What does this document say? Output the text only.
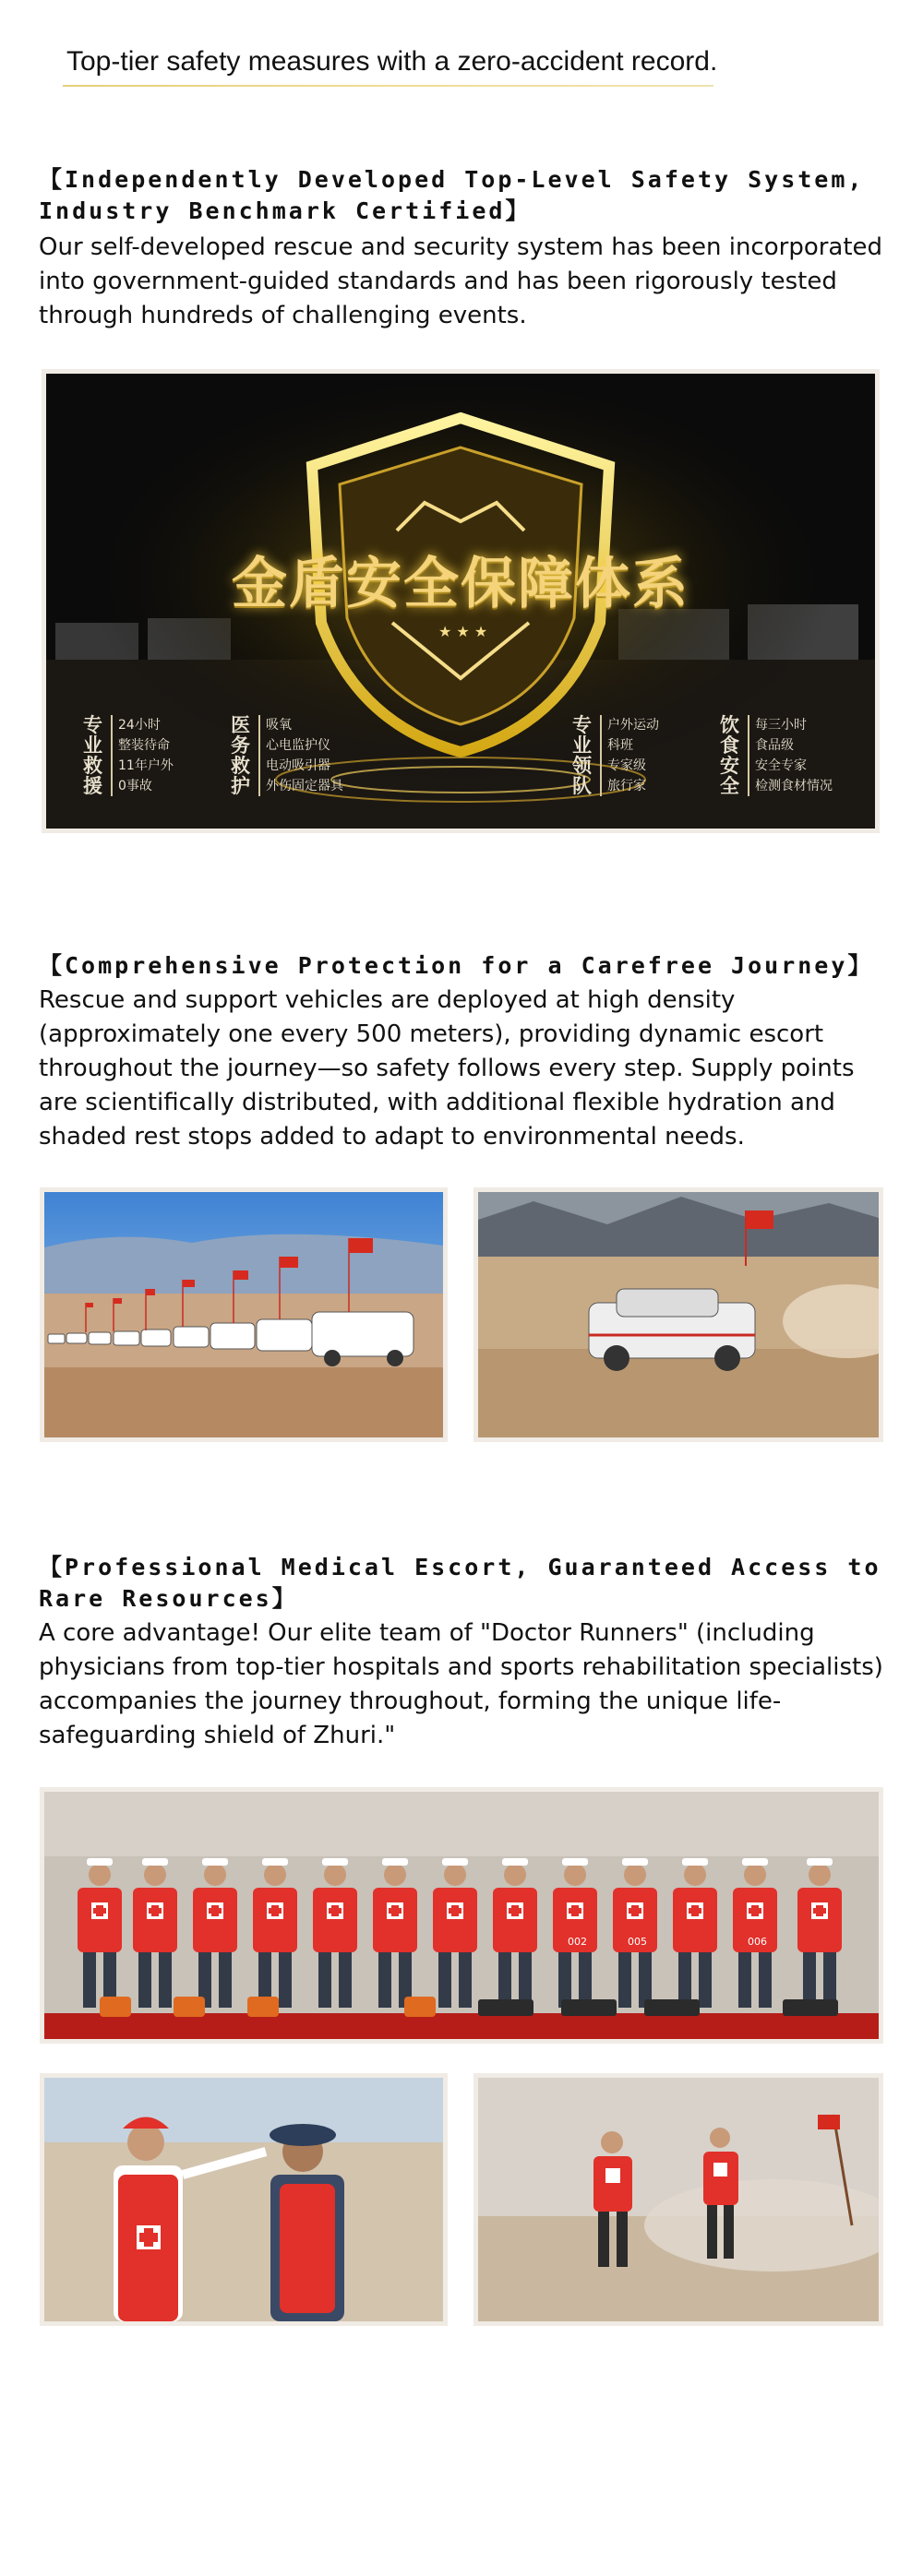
Top-tier safety measures with a zero-accident record.
【Independently Developed Top-Level Safety System, Industry Benchmark Certified】
Our self-developed rescue and security system has been incorporated into government-guided standards and has been rigorously tested through hundreds of challenging events.
★ ★ ★
金盾安全保障体系
专业救援
24小时
整装待命
11年户外
0事故
医务救护
吸氧
心电监护仪
电动吸引器
外伤固定器具
专业领队
户外运动
科班
专家级
旅行家
饮食安全
每三小时
食品级
安全专家
检测食材情况
【Comprehensive Protection for a Carefree Journey】
Rescue and support vehicles are deployed at high density (approximately one every 500 meters), providing dynamic escort throughout the journey—so safety follows every step. Supply points are scientifically distributed, with additional flexible hydration and shaded rest stops added to adapt to environmental needs.
【Professional Medical Escort, Guaranteed Access to Rare Resources】
A core advantage! Our elite team of "Doctor Runners" (including physicians from top-tier hospitals and sports rehabilitation specialists) accompanies the journey throughout, forming the unique life-safeguarding shield of Zhuri."
002	005	006
